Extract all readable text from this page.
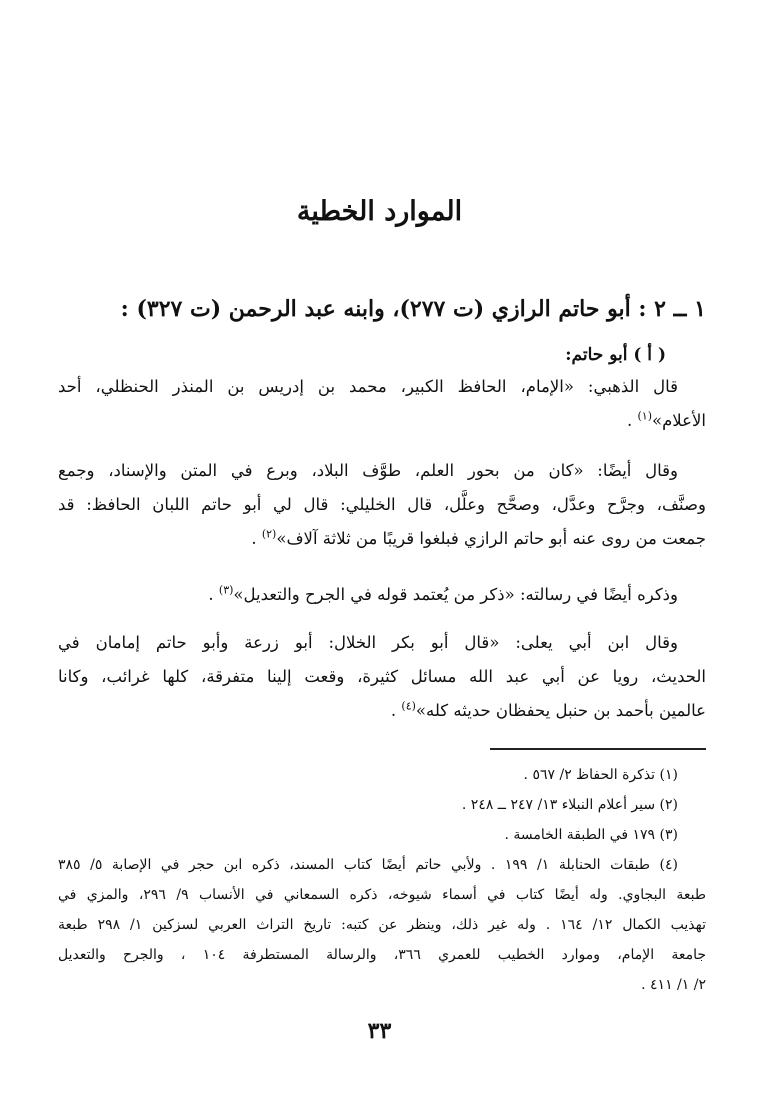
الموارد الخطية
١ ــ ٢ : أبو حاتم الرازي (ت ٢٧٧)، وابنه عبد الرحمن (ت ٣٢٧) :
( أ ) أبو حاتم:
قال الذهبي: «الإمام، الحافظ الكبير، محمد بن إدريس بن المنذر الحنظلي، أحد
الأعلام»$^{(١)}$ .
وقال أيضًا: «كان من بحور العلم، طوَّف البلاد، وبرع في المتن والإسناد، وجمع
وصنَّف، وجرَّح وعدَّل، وصحَّح وعلَّل، قال الخليلي: قال لي أبو حاتم اللبان الحافظ: قد
جمعت من روى عنه أبو حاتم الرازي فبلغوا قريبًا من ثلاثة آلاف»$^{(٢)}$ .
وذكره أيضًا في رسالته: «ذكر من يُعتمد قوله في الجرح والتعديل»$^{(٣)}$ .
وقال ابن أبي يعلى: «قال أبو بكر الخلال: أبو زرعة وأبو حاتم إمامان في
الحديث، رويا عن أبي عبد الله مسائل كثيرة، وقعت إلينا متفرقة، كلها غرائب، وكانا
عالمين بأحمد بن حنبل يحفظان حديثه كله»$^{(٤)}$ .
(١) تذكرة الحفاظ ٢/ ٥٦٧ .
(٢) سير أعلام النبلاء ١٣/ ٢٤٧ ــ ٢٤٨ .
(٣) ١٧٩ في الطبقة الخامسة .
(٤) طبقات الحنابلة ١/ ١٩٩ . ولأبي حاتم أيضًا كتاب المسند، ذكره ابن حجر في الإصابة ٥/ ٣٨٥
طبعة البجاوي. وله أيضًا كتاب في أسماء شيوخه، ذكره السمعاني في الأنساب ٩/ ٢٩٦، والمزي في
تهذيب الكمال ١٢/ ١٦٤ . وله غير ذلك، وينظر عن كتبه: تاريخ التراث العربي لسزكين ١/ ٢٩٨ طبعة
جامعة الإمام، وموارد الخطيب للعمري ٣٦٦، والرسالة المستطرفة ١٠٤ ، والجرح والتعديل
٢/ ١/ ٤١١ .
٣٣
